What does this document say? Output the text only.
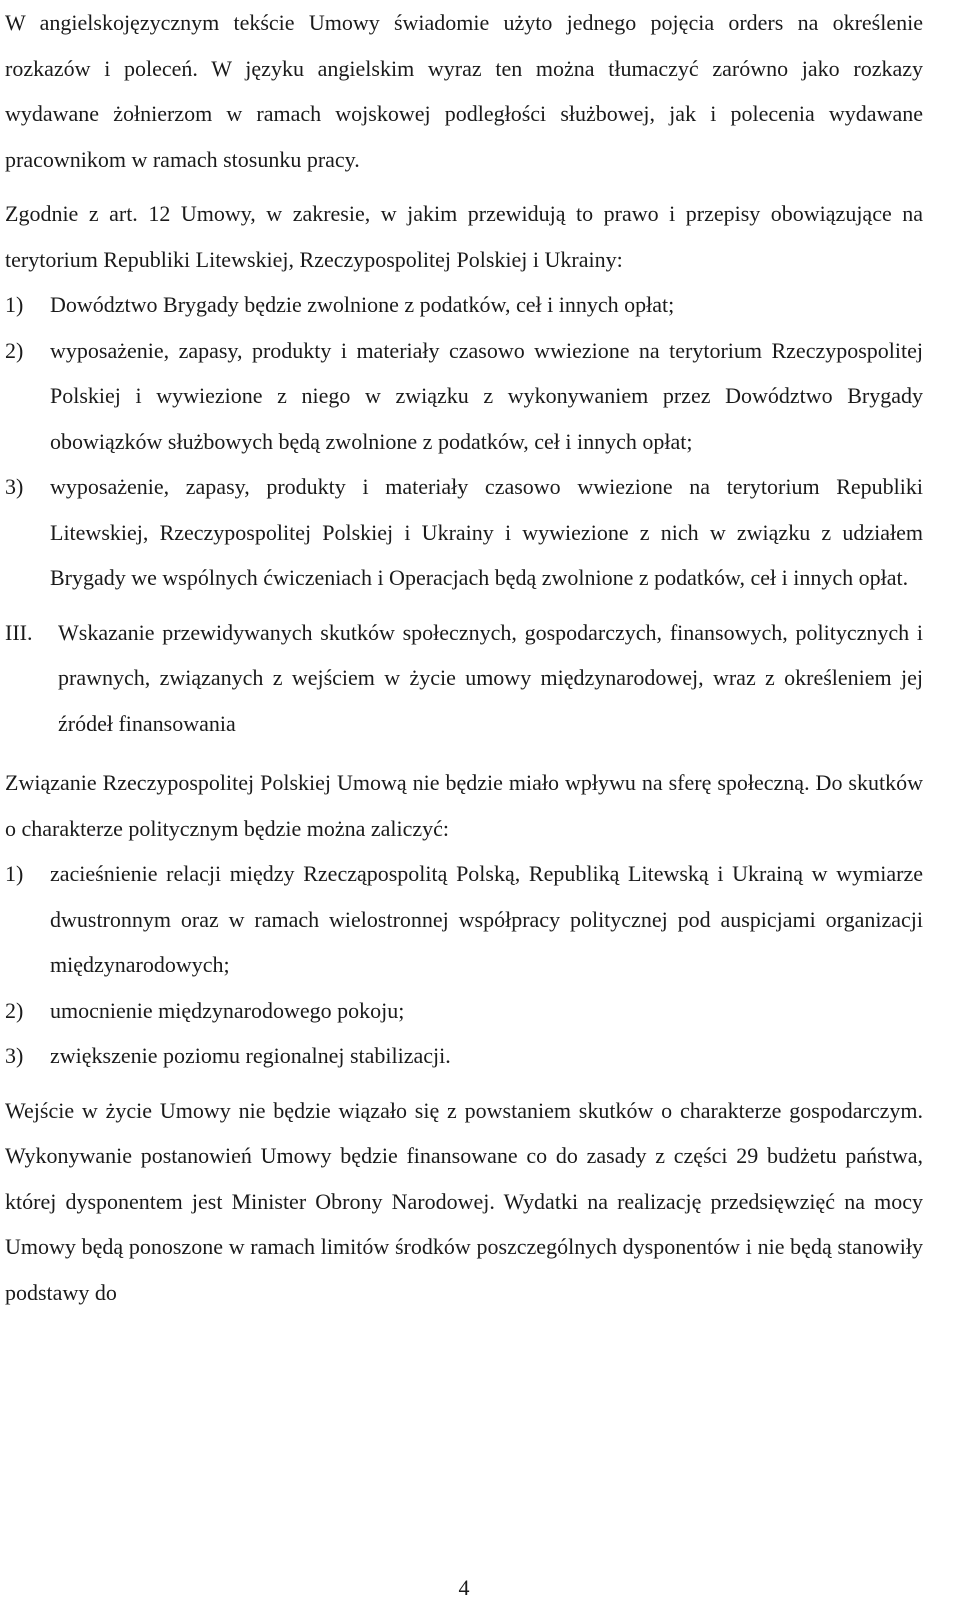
W angielskojęzycznym tekście Umowy świadomie użyto jednego pojęcia orders na określenie rozkazów i poleceń. W języku angielskim wyraz ten można tłumaczyć zarówno jako rozkazy wydawane żołnierzom w ramach wojskowej podległości służbowej, jak i polecenia wydawane pracownikom w ramach stosunku pracy.

Zgodnie z art. 12 Umowy, w zakresie, w jakim przewidują to prawo i przepisy obowiązujące na terytorium Republiki Litewskiej, Rzeczypospolitej Polskiej i Ukrainy:

1)	Dowództwo Brygady będzie zwolnione z podatków, ceł i innych opłat;
2)	wyposażenie, zapasy, produkty i materiały czasowo wwiezione na terytorium Rzeczypospolitej Polskiej i wywiezione z niego w związku z wykonywaniem przez Dowództwo Brygady obowiązków służbowych będą zwolnione z podatków, ceł i innych opłat;
3)	wyposażenie, zapasy, produkty i materiały czasowo wwiezione na terytorium Republiki Litewskiej, Rzeczypospolitej Polskiej i Ukrainy i wywiezione z nich w związku z udziałem Brygady we wspólnych ćwiczeniach i Operacjach będą zwolnione z podatków, ceł i innych opłat.
III.	Wskazanie przewidywanych skutków społecznych, gospodarczych, finansowych, politycznych i prawnych, związanych z wejściem w życie umowy międzynarodowej, wraz z określeniem jej źródeł finansowania

Związanie Rzeczypospolitej Polskiej Umową nie będzie miało wpływu na sferę społeczną. Do skutków o charakterze politycznym będzie można zaliczyć:

1)	zacieśnienie relacji między Rzecząpospolitą Polską, Republiką Litewską i Ukrainą w wymiarze dwustronnym oraz w ramach wielostronnej współpracy politycznej pod auspicjami organizacji międzynarodowych;
2)	umocnienie międzynarodowego pokoju;
3)	zwiększenie poziomu regionalnej stabilizacji.

Wejście w życie Umowy nie będzie wiązało się z powstaniem skutków o charakterze gospodarczym. Wykonywanie postanowień Umowy będzie finansowane co do zasady z części 29 budżetu państwa, której dysponentem jest Minister Obrony Narodowej. Wydatki na realizację przedsięwzięć na mocy Umowy będą ponoszone w ramach limitów środków poszczególnych dysponentów i nie będą stanowiły podstawy do

4
